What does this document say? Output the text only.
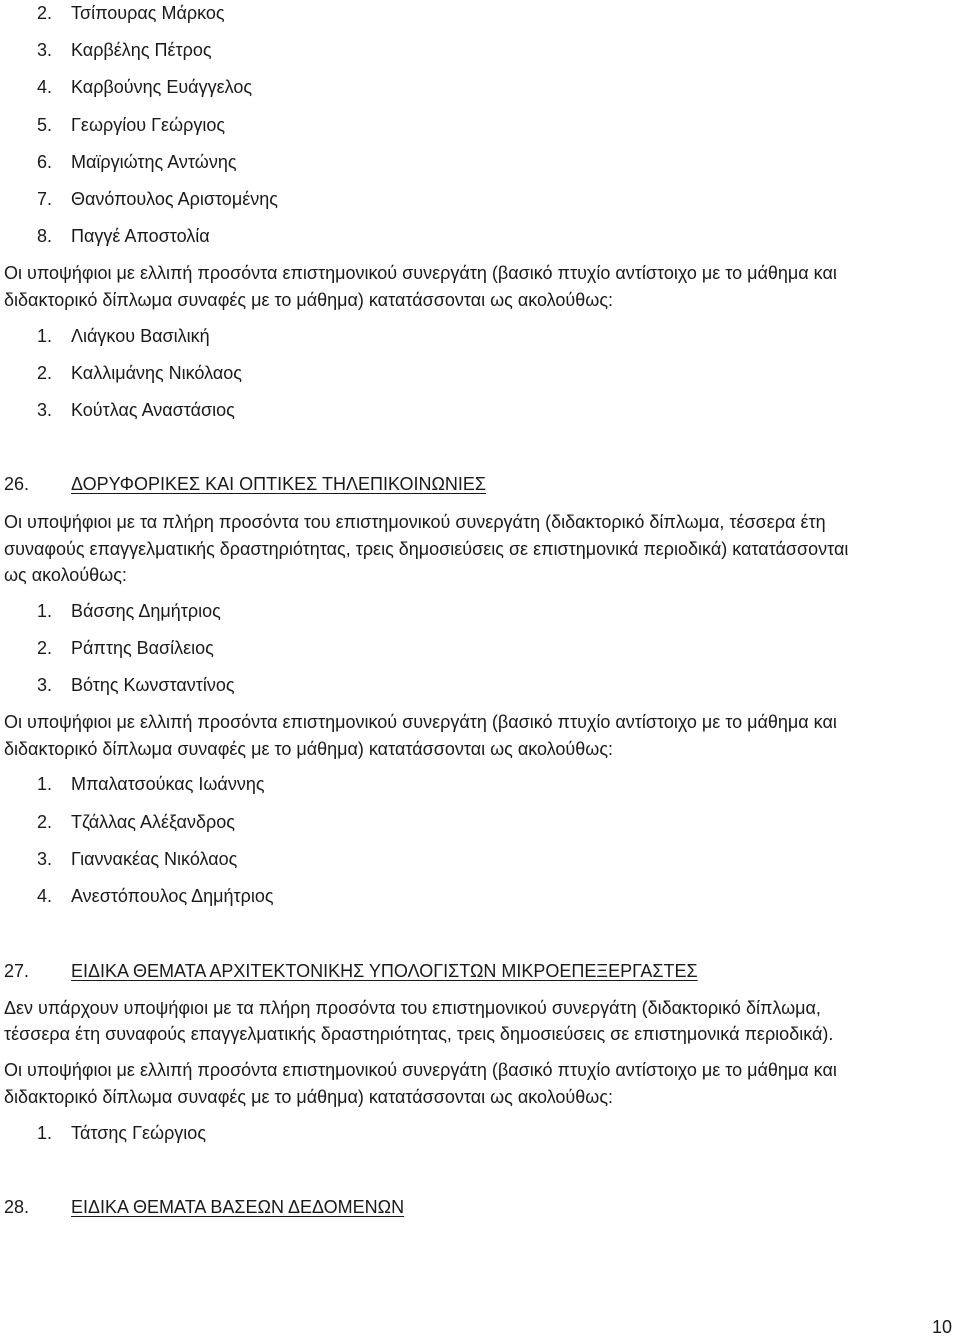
2. Τσίπουρας Μάρκος
3. Καρβέλης Πέτρος
4. Καρβούνης Ευάγγελος
5. Γεωργίου Γεώργιος
6. Μαϊργιώτης Αντώνης
7. Θανόπουλος Αριστομένης
8. Παγγέ Αποστολία
Οι υποψήφιοι με ελλιπή προσόντα επιστημονικού συνεργάτη (βασικό πτυχίο αντίστοιχο με το μάθημα και
διδακτορικό δίπλωμα συναφές με το μάθημα) κατατάσσονται ως ακολούθως:
1. Λιάγκου Βασιλική
2. Καλλιμάνης Νικόλαος
3. Κούτλας Αναστάσιος
26. ΔΟΡΥΦΟΡΙΚΕΣ ΚΑΙ ΟΠΤΙΚΕΣ ΤΗΛΕΠΙΚΟΙΝΩΝΙΕΣ
Οι υποψήφιοι με τα πλήρη προσόντα του επιστημονικού συνεργάτη (διδακτορικό δίπλωμα, τέσσερα έτη
συναφούς επαγγελματικής δραστηριότητας, τρεις δημοσιεύσεις σε επιστημονικά περιοδικά) κατατάσσονται
ως ακολούθως:
1. Βάσσης Δημήτριος
2. Ράπτης Βασίλειος
3. Βότης Κωνσταντίνος
Οι υποψήφιοι με ελλιπή προσόντα επιστημονικού συνεργάτη (βασικό πτυχίο αντίστοιχο με το μάθημα και
διδακτορικό δίπλωμα συναφές με το μάθημα) κατατάσσονται ως ακολούθως:
1. Μπαλατσούκας Ιωάννης
2. Τζάλλας Αλέξανδρος
3. Γιαννακέας Νικόλαος
4. Ανεστόπουλος Δημήτριος
27. ΕΙΔΙΚΑ ΘΕΜΑΤΑ ΑΡΧΙΤΕΚΤΟΝΙΚΗΣ ΥΠΟΛΟΓΙΣΤΩΝ ΜΙΚΡΟΕΠΕΞΕΡΓΑΣΤΕΣ
Δεν υπάρχουν υποψήφιοι με τα πλήρη προσόντα του επιστημονικού συνεργάτη (διδακτορικό δίπλωμα,
τέσσερα έτη συναφούς επαγγελματικής δραστηριότητας, τρεις δημοσιεύσεις σε επιστημονικά περιοδικά).
Οι υποψήφιοι με ελλιπή προσόντα επιστημονικού συνεργάτη (βασικό πτυχίο αντίστοιχο με το μάθημα και
διδακτορικό δίπλωμα συναφές με το μάθημα) κατατάσσονται ως ακολούθως:
1. Τάτσης Γεώργιος
28. ΕΙΔΙΚΑ ΘΕΜΑΤΑ ΒΑΣΕΩΝ ΔΕΔΟΜΕΝΩΝ
10
